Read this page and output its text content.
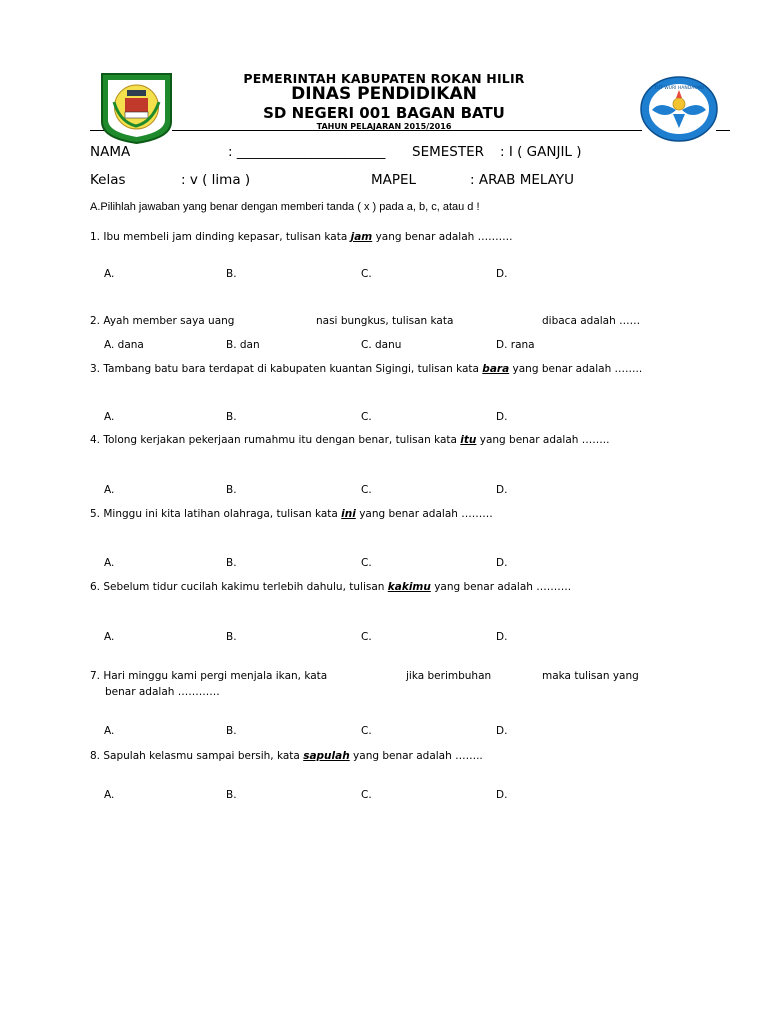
TUT WURI HANDAYANI
PEMERINTAH KABUPATEN ROKAN HILIR
DINAS PENDIDIKAN
SD NEGERI 001 BAGAN BATU
TAHUN PELAJARAN 2015/2016
NAMA	: ______________________ SEMESTER : I ( GANJIL )
Kelas	: v ( lima )	MAPEL	: ARAB MELAYU
A.Pilihlah jawaban yang benar dengan memberi tanda ( x ) pada a, b, c, atau d !
1. Ibu membeli jam dinding kepasar, tulisan kata jam yang benar adalah ……….
A.	B.	C.	D.
2. Ayah member saya uang	nasi bungkus, tulisan kata	dibaca adalah ……
A. dana	B. dan	C. danu	D. rana
3. Tambang batu bara terdapat di kabupaten kuantan Sigingi, tulisan kata bara yang benar adalah ……..
A.	B.	C.	D.
4. Tolong kerjakan pekerjaan rumahmu itu dengan benar, tulisan kata itu yang benar adalah ……..
A.	B.	C.	D.
5. Minggu ini kita latihan olahraga, tulisan kata ini yang benar adalah ………
A.	B.	C.	D.
6. Sebelum tidur cucilah kakimu terlebih dahulu, tulisan kakimu yang benar adalah ……….
A.	B.	C.	D.
7. Hari minggu kami pergi menjala ikan, kata	jika berimbuhan	maka tulisan yang
benar adalah …………
A.	B.	C.	D.
8. Sapulah kelasmu sampai bersih, kata sapulah yang benar adalah ……..
A.	B.	C.	D.
